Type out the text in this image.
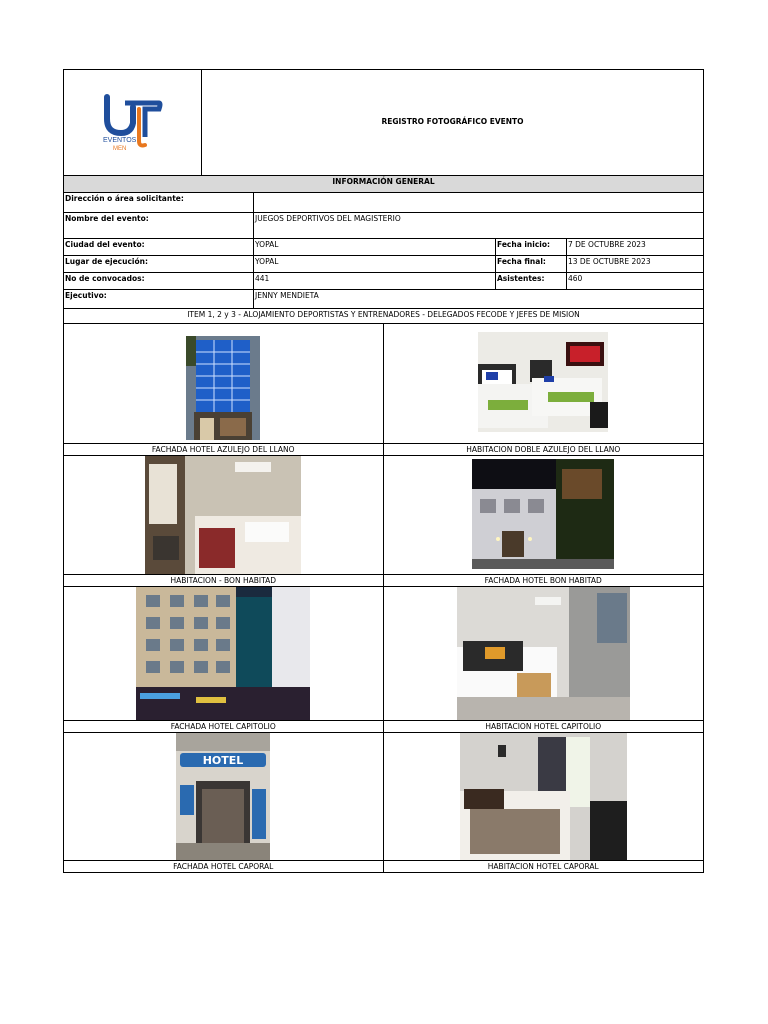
EVENTOS
MEN
REGISTRO FOTOGRÁFICO EVENTO
INFORMACIÓN GENERAL
Dirección o área solicitante:
Nombre del evento:	JUEGOS DEPORTIVOS DEL MAGISTERIO
Ciudad del evento:	YOPAL	Fecha inicio:	7 DE OCTUBRE 2023
Lugar de ejecución:	YOPAL	Fecha final:	13 DE OCTUBRE 2023
No de convocados:	441	Asistentes:	460
Ejecutivo:	JENNY MENDIETA
ITEM 1, 2 y 3 - ALOJAMIENTO DEPORTISTAS Y ENTRENADORES - DELEGADOS FECODE Y JEFES DE MISION
FACHADA HOTEL AZULEJO DEL LLANO	HABITACION DOBLE AZULEJO DEL LLANO
HABITACION - BON HABITAD	FACHADA HOTEL BON HABITAD
FACHADA HOTEL CAPITOLIO	HABITACION HOTEL CAPITOLIO
HOTEL
FACHADA HOTEL CAPORAL	HABITACION HOTEL CAPORAL
